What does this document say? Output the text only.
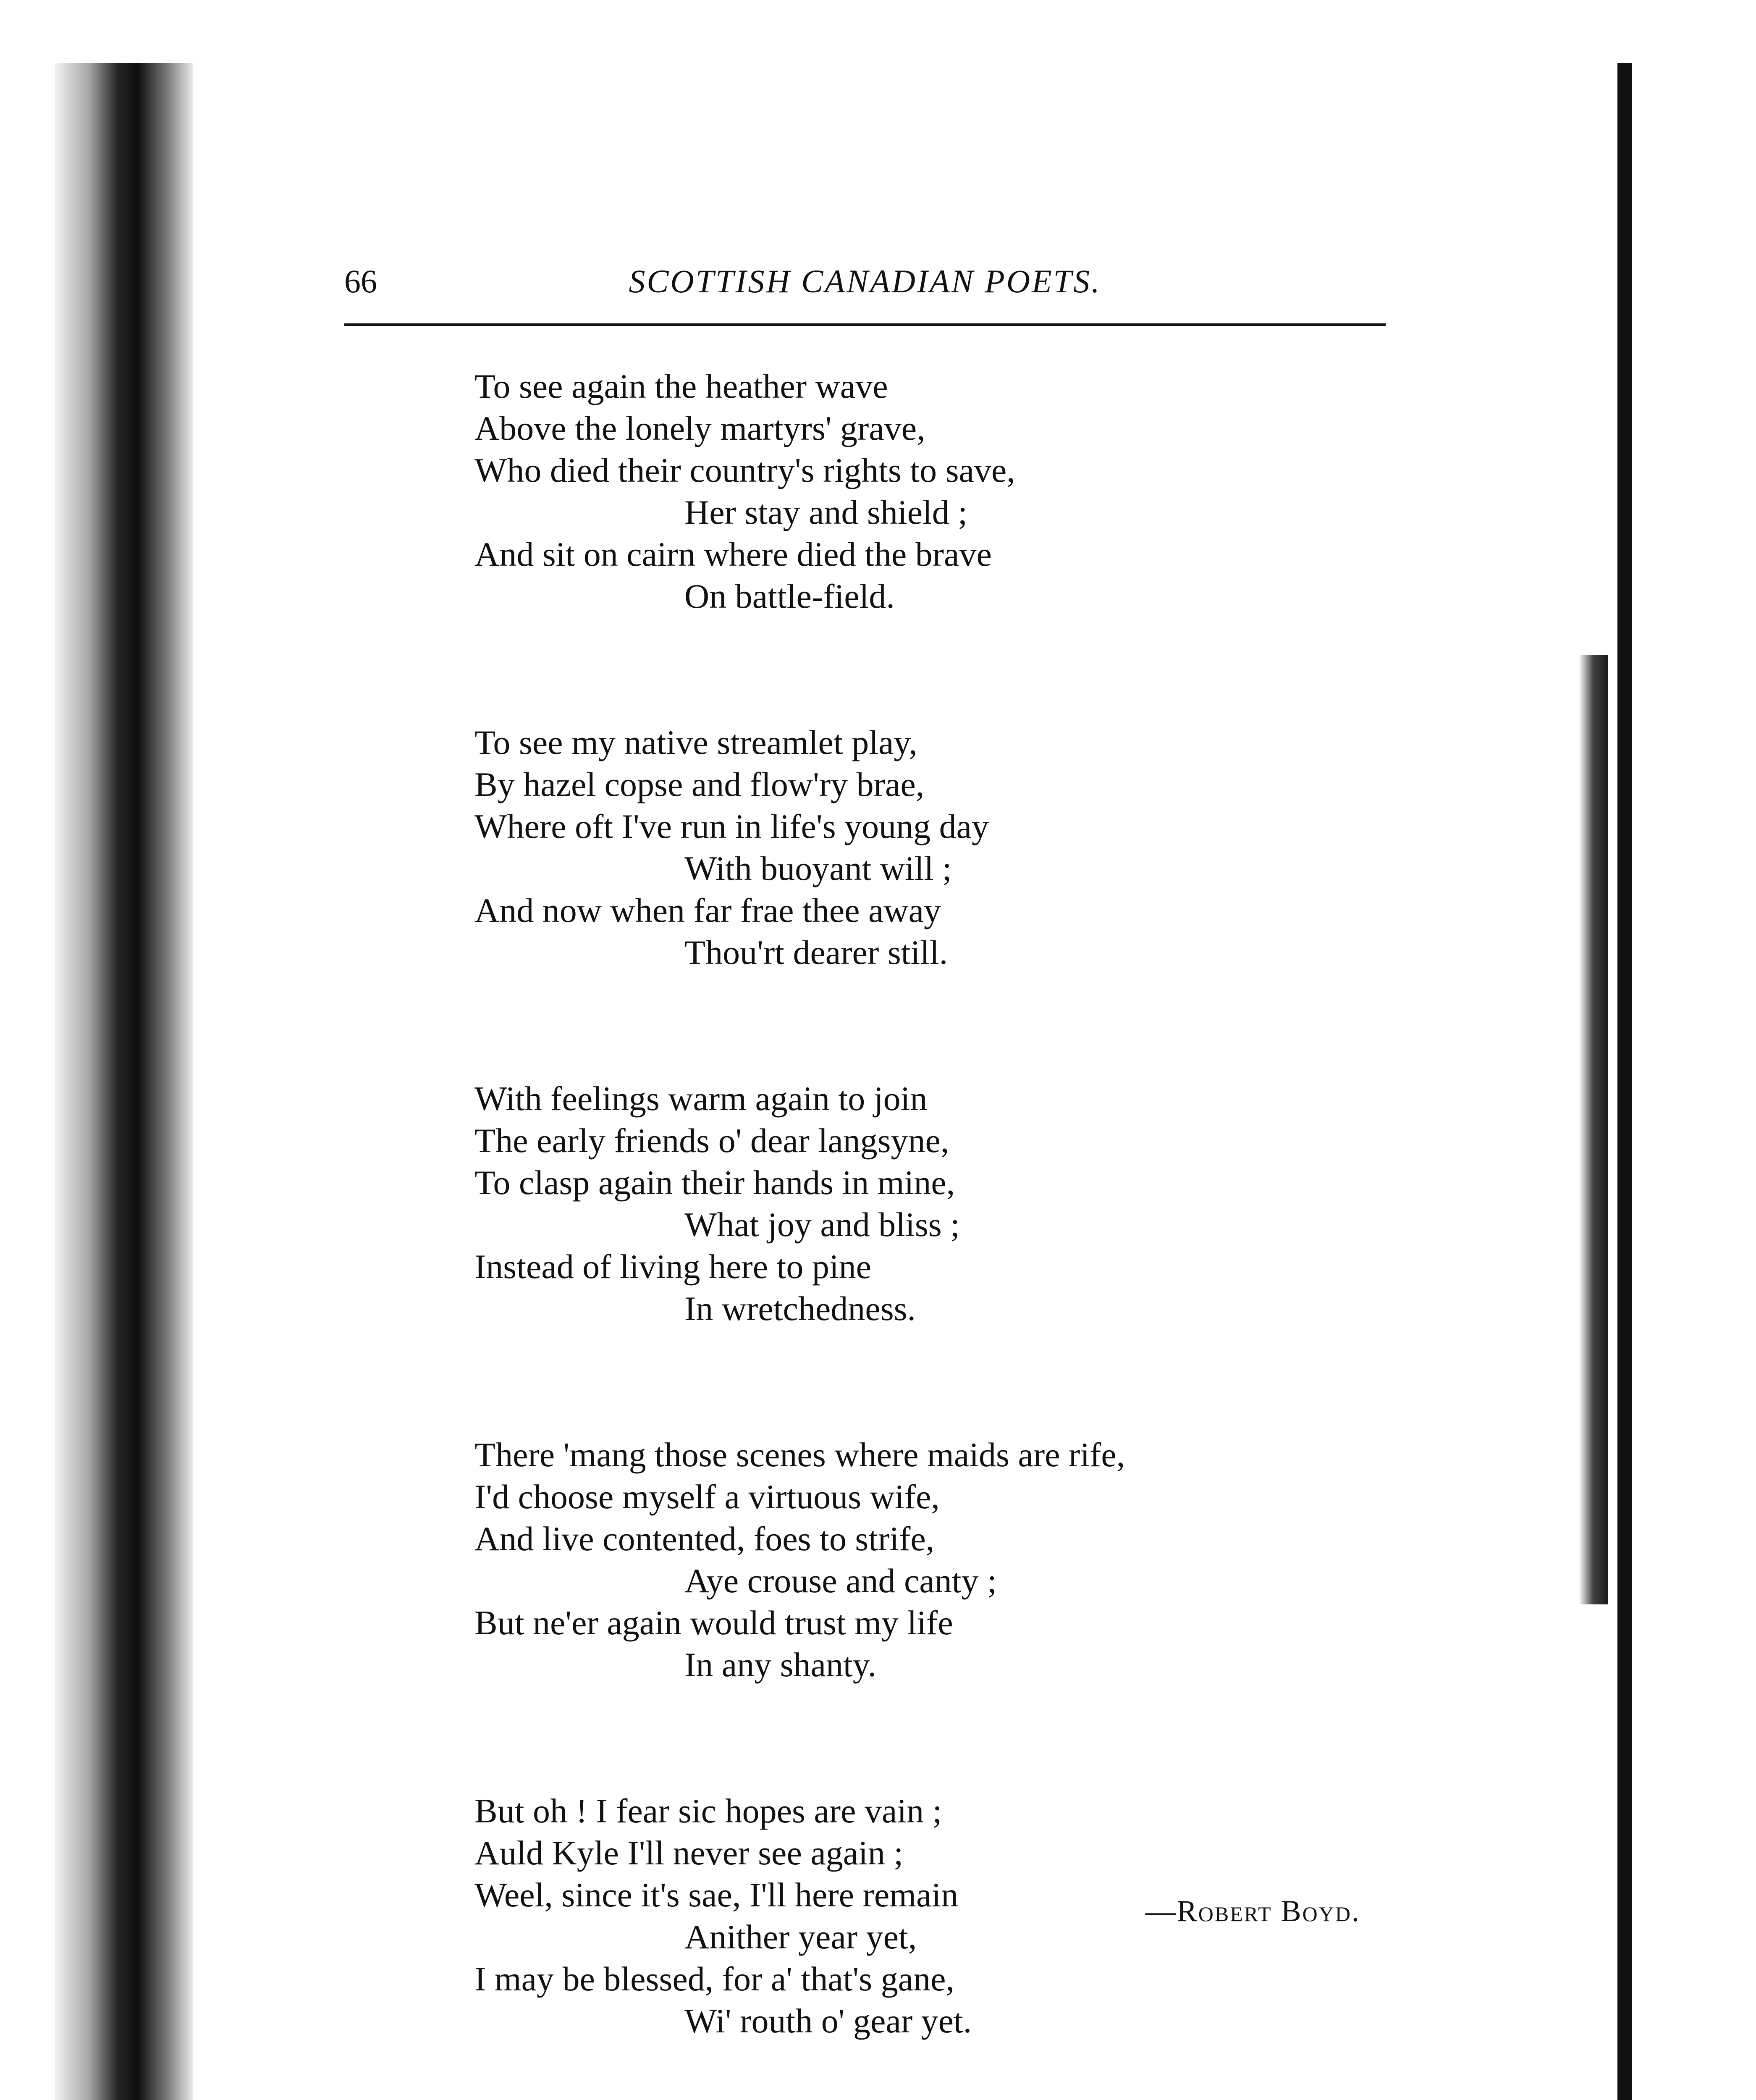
66	SCOTTISH CANADIAN POETS.
To see again the heather wave
Above the lonely martyrs' grave,
Who died their country's rights to save,
Her stay and shield ;
And sit on cairn where died the brave
On battle-field.
To see my native streamlet play,
By hazel copse and flow'ry brae,
Where oft I've run in life's young day
With buoyant will ;
And now when far frae thee away
Thou'rt dearer still.
With feelings warm again to join
The early friends o' dear langsyne,
To clasp again their hands in mine,
What joy and bliss ;
Instead of living here to pine
In wretchedness.
There 'mang those scenes where maids are rife,
I'd choose myself a virtuous wife,
And live contented, foes to strife,
Aye crouse and canty ;
But ne'er again would trust my life
In any shanty.
But oh ! I fear sic hopes are vain ;
Auld Kyle I'll never see again ;
Weel, since it's sae, I'll here remain
Anither year yet,
I may be blessed, for a' that's gane,
Wi' routh o' gear yet.
—Robert Boyd.
